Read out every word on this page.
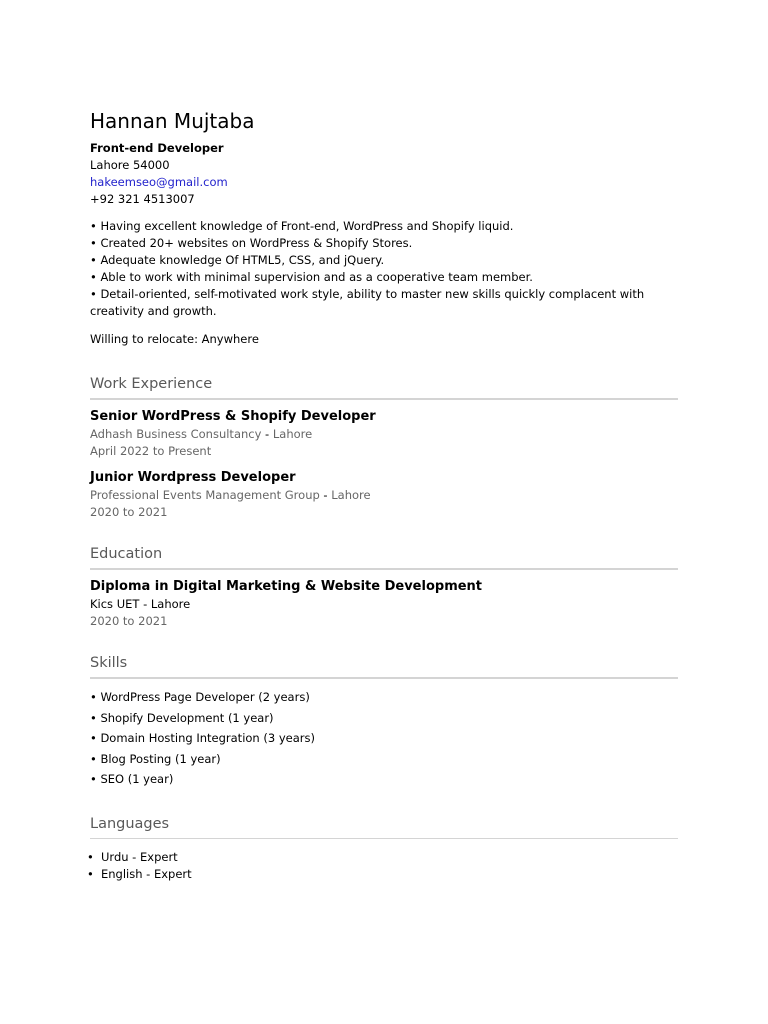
Hannan Mujtaba
Front-end Developer
Lahore 54000
hakeemseo@gmail.com
+92 321 4513007
• Having excellent knowledge of Front-end, WordPress and Shopify liquid.
• Created 20+ websites on WordPress & Shopify Stores.
• Adequate knowledge Of HTML5, CSS, and jQuery.
• Able to work with minimal supervision and as a cooperative team member.
• Detail-oriented, self-motivated work style, ability to master new skills quickly complacent with creativity and growth.
Willing to relocate: Anywhere
Work Experience
Senior WordPress & Shopify Developer
Adhash Business Consultancy - Lahore
April 2022 to Present
Junior Wordpress Developer
Professional Events Management Group - Lahore
2020 to 2021
Education
Diploma in Digital Marketing & Website Development
Kics UET - Lahore
2020 to 2021
Skills
• WordPress Page Developer (2 years)
• Shopify Development (1 year)
• Domain Hosting Integration (3 years)
• Blog Posting (1 year)
• SEO (1 year)
Languages
• Urdu - Expert
• English - Expert
